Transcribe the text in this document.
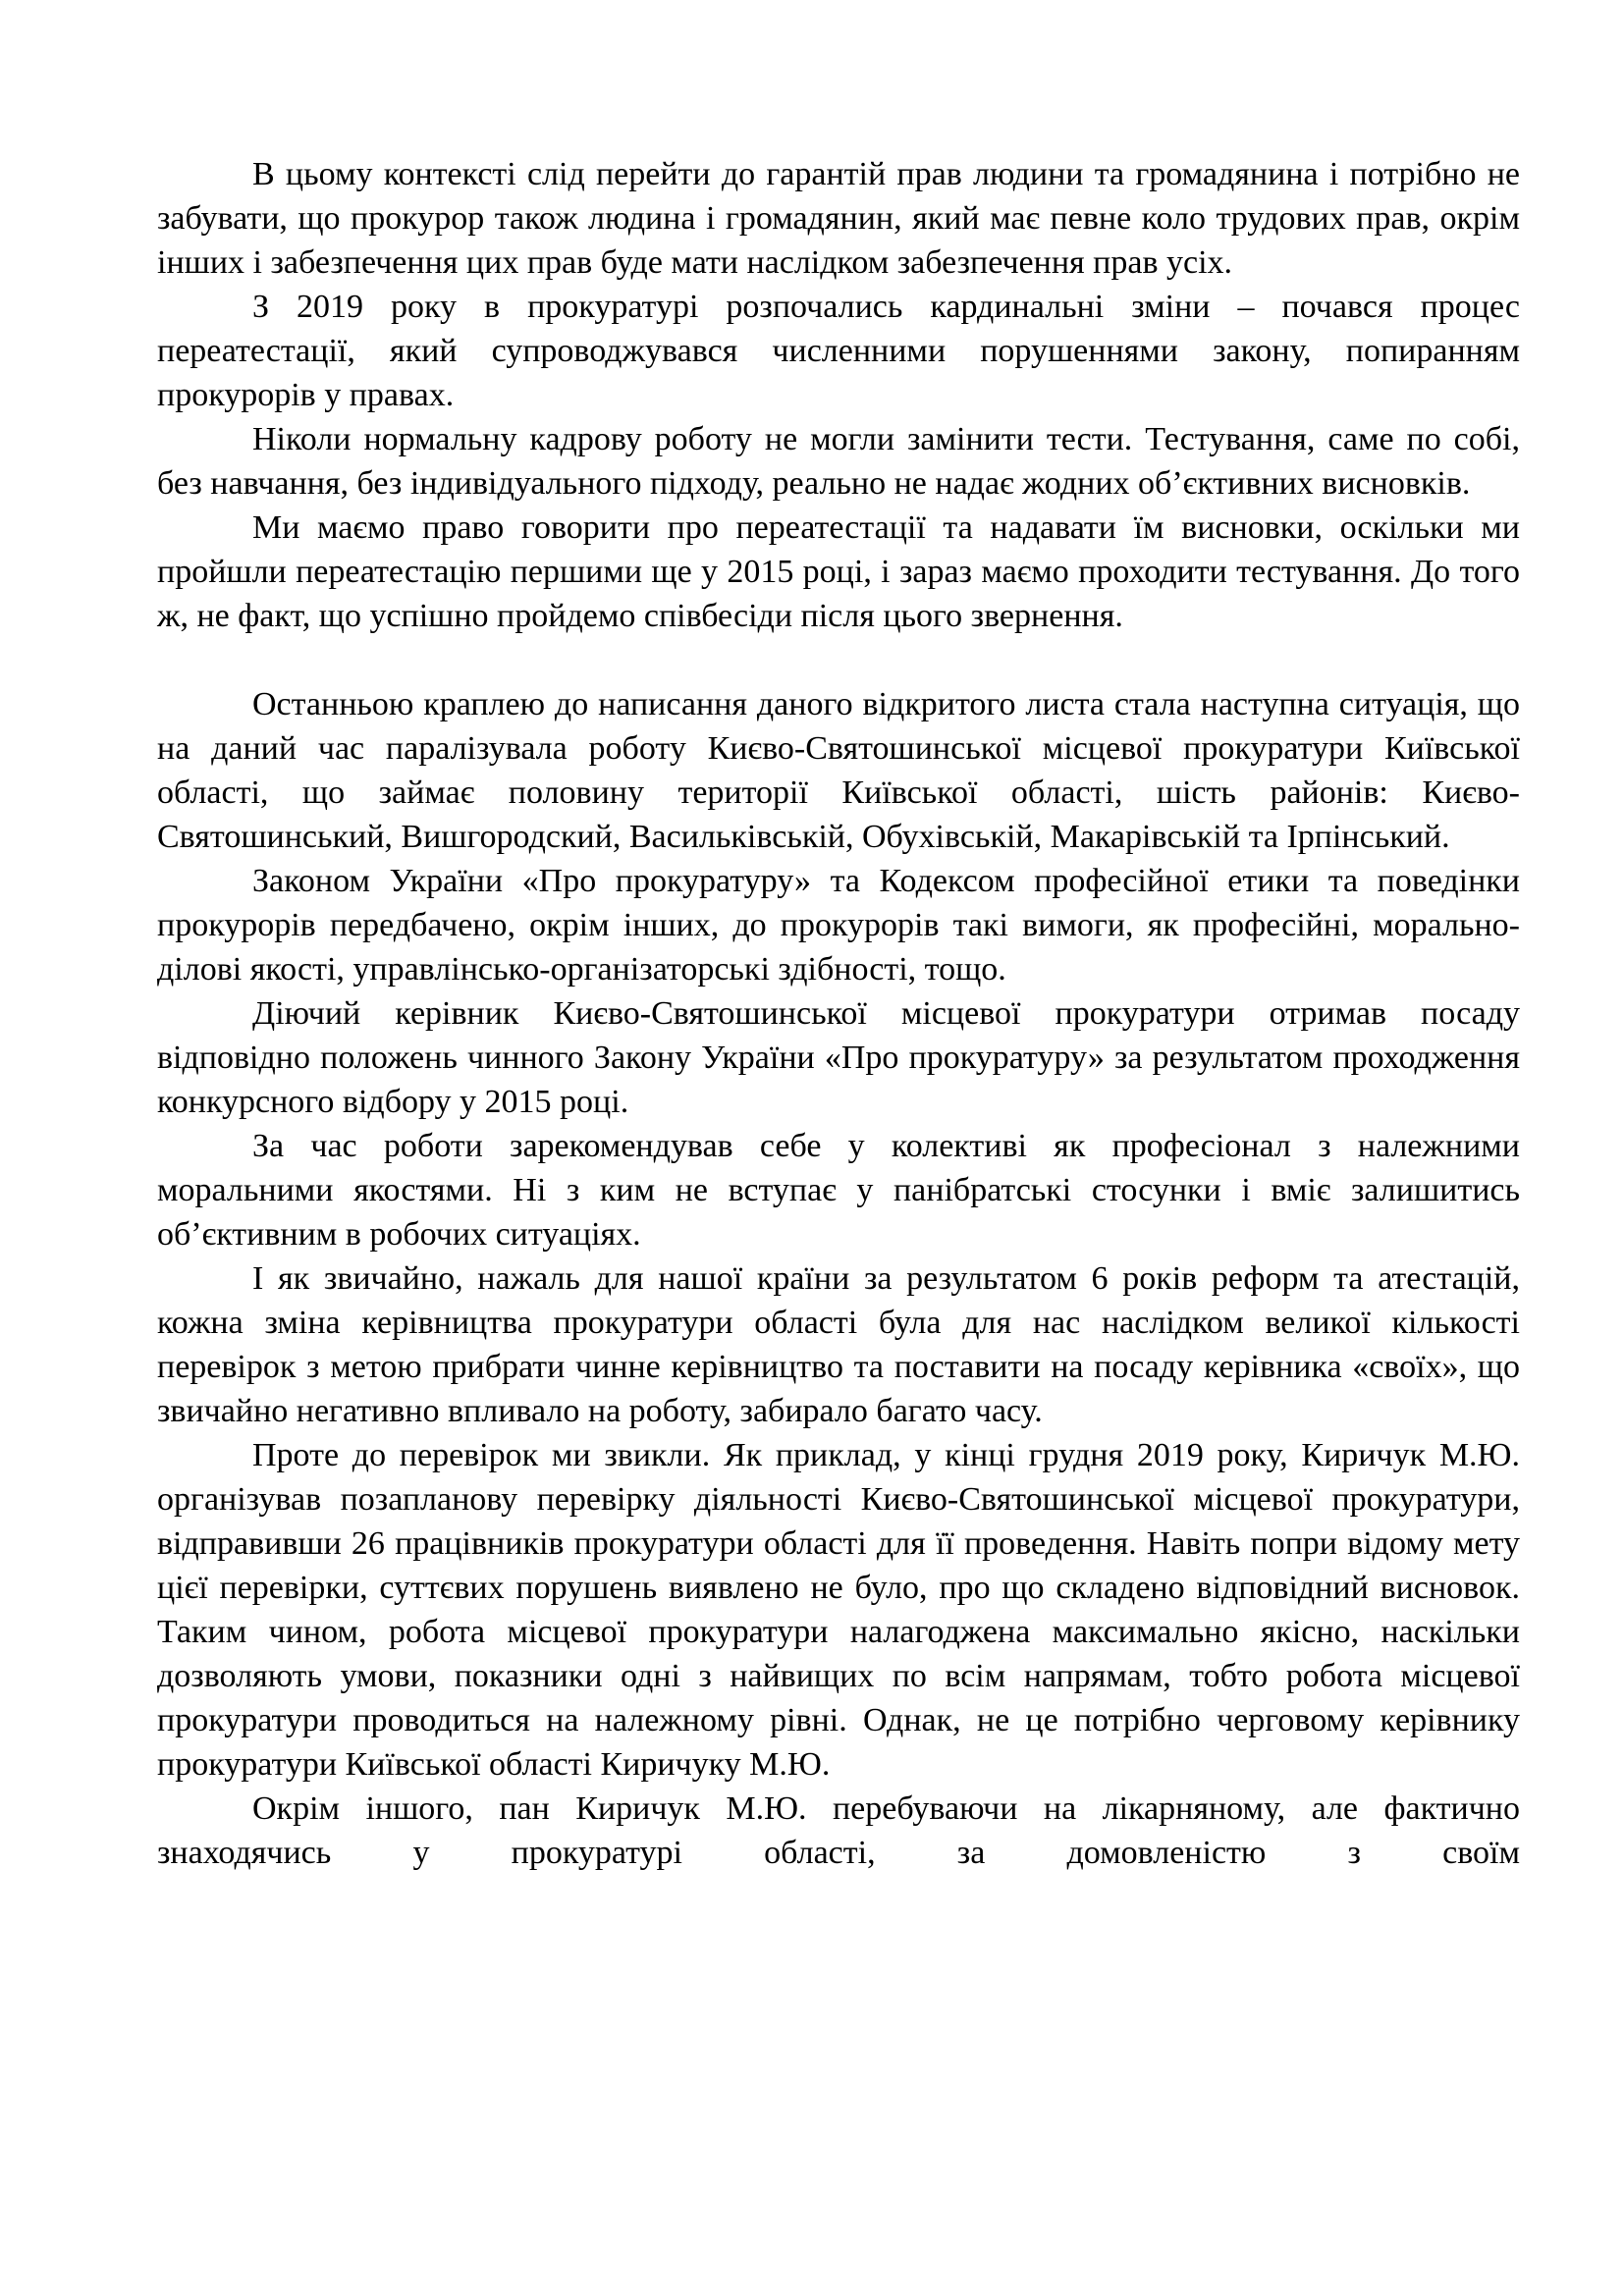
В цьому контексті слід перейти до гарантій прав людини та громадянина і потрібно не забувати, що прокурор також людина і громадянин, який має певне коло трудових прав, окрім інших і забезпечення цих прав буде мати наслідком забезпечення прав усіх.

З 2019 року в прокуратурі розпочались кардинальні зміни – почався процес переатестації, який супроводжувався численними порушеннями закону, попиранням прокурорів у правах.

Ніколи нормальну кадрову роботу не могли замінити тести. Тестування, саме по собі, без навчання, без індивідуального підходу, реально не надає жодних об’єктивних висновків.

Ми маємо право говорити про переатестації та надавати їм висновки, оскільки ми пройшли переатестацію першими ще у 2015 році, і зараз маємо проходити тестування. До того ж, не факт, що успішно пройдемо співбесіди після цього звернення.

Останньою краплею до написання даного відкритого листа стала наступна ситуація, що на даний час паралізувала роботу Києво-Святошинської місцевої прокуратури Київської області, що займає половину території Київської області, шість районів: Києво-Святошинський, Вишгородский, Васильківській, Обухівській, Макарівській та Ірпінський.

Законом України «Про прокуратуру» та Кодексом професійної етики та поведінки прокурорів передбачено, окрім інших, до прокурорів такі вимоги, як професійні, морально-ділові якості, управлінсько-організаторські здібності, тощо.

Діючий керівник Києво-Святошинської місцевої прокуратури отримав посаду відповідно положень чинного Закону України «Про прокуратуру» за результатом проходження конкурсного відбору у 2015 році.

За час роботи зарекомендував себе у колективі як професіонал з належними моральними якостями. Ні з ким не вступає у панібратські стосунки і вміє залишитись об’єктивним в робочих ситуаціях.

І як звичайно, нажаль для нашої країни за результатом 6 років реформ та атестацій, кожна зміна керівництва прокуратури області була для нас наслідком великої кількості перевірок з метою прибрати чинне керівництво та поставити на посаду керівника «своїх», що звичайно негативно впливало на роботу, забирало багато часу.

Проте до перевірок ми звикли. Як приклад, у кінці грудня 2019 року, Киричук М.Ю. організував позапланову перевірку діяльності Києво-Святошинської місцевої прокуратури, відправивши 26 працівників прокуратури області для її проведення. Навіть попри відому мету цієї перевірки, суттєвих порушень виявлено не було, про що складено відповідний висновок. Таким чином, робота місцевої прокуратури налагоджена максимально якісно, наскільки дозволяють умови, показники одні з найвищих по всім напрямам, тобто робота місцевої прокуратури проводиться на належному рівні. Однак, не це потрібно черговому керівнику прокуратури Київської області Киричуку М.Ю.

Окрім іншого, пан Киричук М.Ю. перебуваючи на лікарняному, але фактично знаходячись у прокуратурі області, за домовленістю з своїм
